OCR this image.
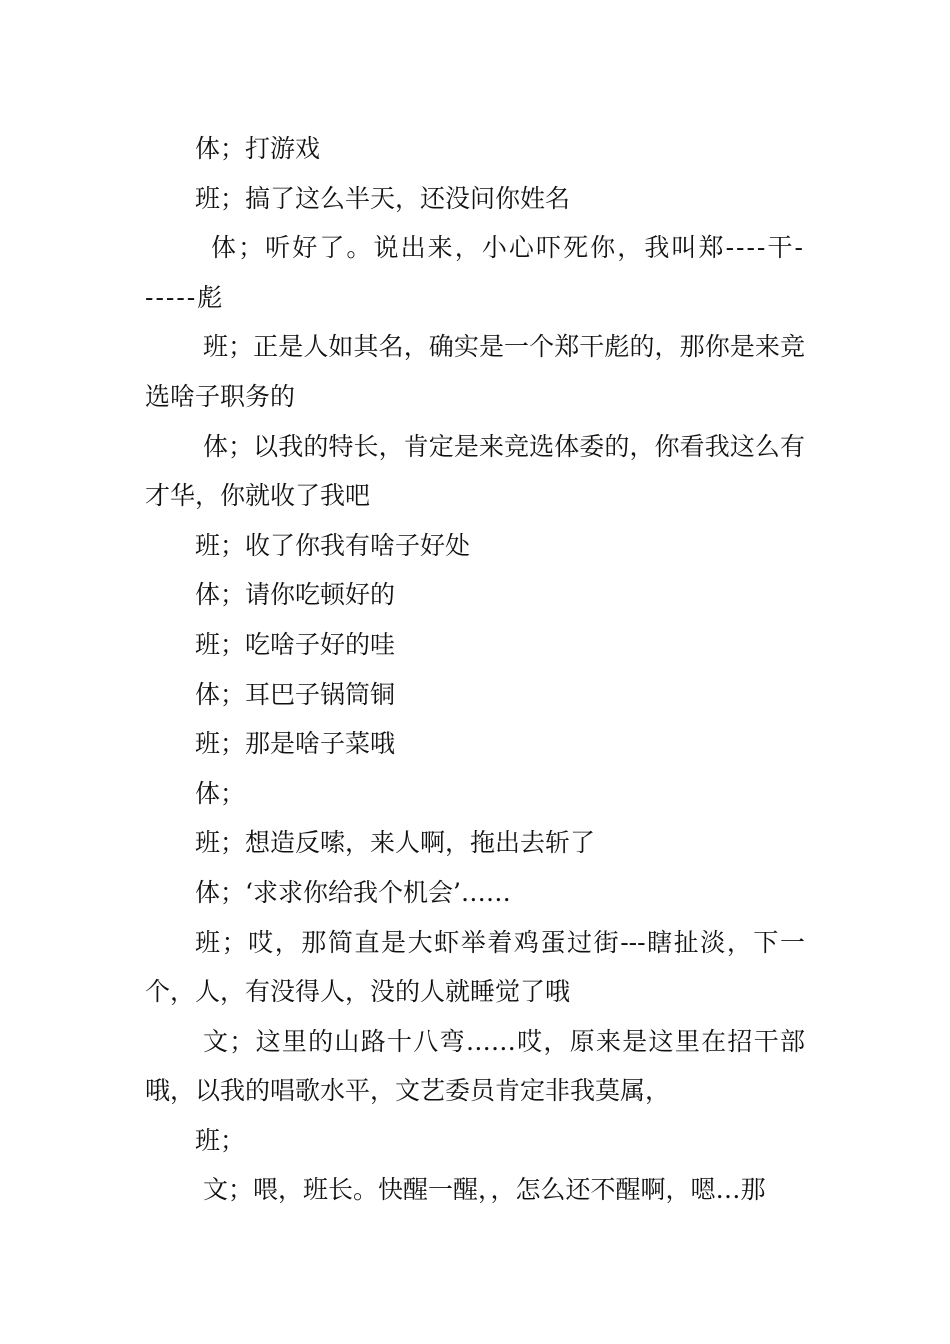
体；打游戏

班；搞了这么半天，还没问你姓名

体；听好了。说出来，小心吓死你，我叫郑----干------彪

班；正是人如其名，确实是一个郑干彪的，那你是来竞选啥子职务的

体；以我的特长，肯定是来竞选体委的，你看我这么有才华，你就收了我吧

班；收了你我有啥子好处

体；请你吃顿好的

班；吃啥子好的哇

体；耳巴子锅筒铜

班；那是啥子菜哦

体；

班；想造反嗦，来人啊，拖出去斩了

体；‘求求你给我个机会’……

班；哎，那简直是大虾举着鸡蛋过街---瞎扯淡，下一个，人，有没得人，没的人就睡觉了哦

文；这里的山路十八弯……哎，原来是这里在招干部哦，以我的唱歌水平，文艺委员肯定非我莫属，

班；

文；喂，班长。快醒一醒，，怎么还不醒啊，嗯…那
